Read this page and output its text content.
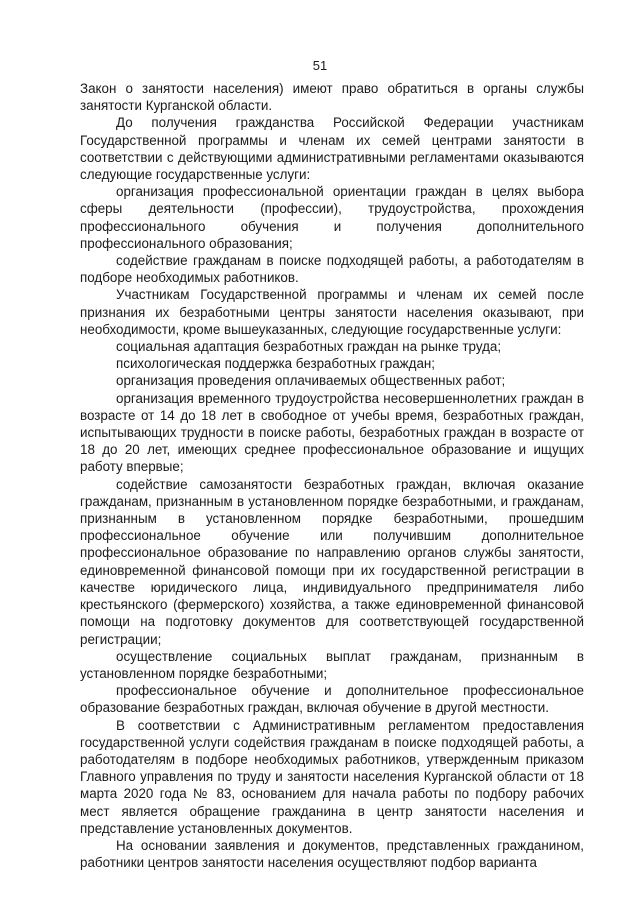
51

Закон о занятости населения) имеют право обратиться в органы службы занятости Курганской области.

До получения гражданства Российской Федерации участникам Государственной программы и членам их семей центрами занятости в соответствии с действующими административными регламентами оказываются следующие государственные услуги:

организация профессиональной ориентации граждан в целях выбора сферы деятельности (профессии), трудоустройства, прохождения профессионального обучения и получения дополнительного профессионального образования;

содействие гражданам в поиске подходящей работы, а работодателям в подборе необходимых работников.

Участникам Государственной программы и членам их семей после признания их безработными центры занятости населения оказывают, при необходимости, кроме вышеуказанных, следующие государственные услуги:

социальная адаптация безработных граждан на рынке труда;

психологическая поддержка безработных граждан;

организация проведения оплачиваемых общественных работ;

организация временного трудоустройства несовершеннолетних граждан в возрасте от 14 до 18 лет в свободное от учебы время, безработных граждан, испытывающих трудности в поиске работы, безработных граждан в возрасте от 18 до 20 лет, имеющих среднее профессиональное образование и ищущих работу впервые;

содействие самозанятости безработных граждан, включая оказание гражданам, признанным в установленном порядке безработными, и гражданам, признанным в установленном порядке безработными, прошедшим профессиональное обучение или получившим дополнительное профессиональное образование по направлению органов службы занятости, единовременной финансовой помощи при их государственной регистрации в качестве юридического лица, индивидуального предпринимателя либо крестьянского (фермерского) хозяйства, а также единовременной финансовой помощи на подготовку документов для соответствующей государственной регистрации;

осуществление социальных выплат гражданам, признанным в установленном порядке безработными;

профессиональное обучение и дополнительное профессиональное образование безработных граждан, включая обучение в другой местности.

В соответствии с Административным регламентом предоставления государственной услуги содействия гражданам в поиске подходящей работы, а работодателям в подборе необходимых работников, утвержденным приказом Главного управления по труду и занятости населения Курганской области от 18 марта 2020 года № 83, основанием для начала работы по подбору рабочих мест является обращение гражданина в центр занятости населения и представление установленных документов.

На основании заявления и документов, представленных гражданином, работники центров занятости населения осуществляют подбор варианта
